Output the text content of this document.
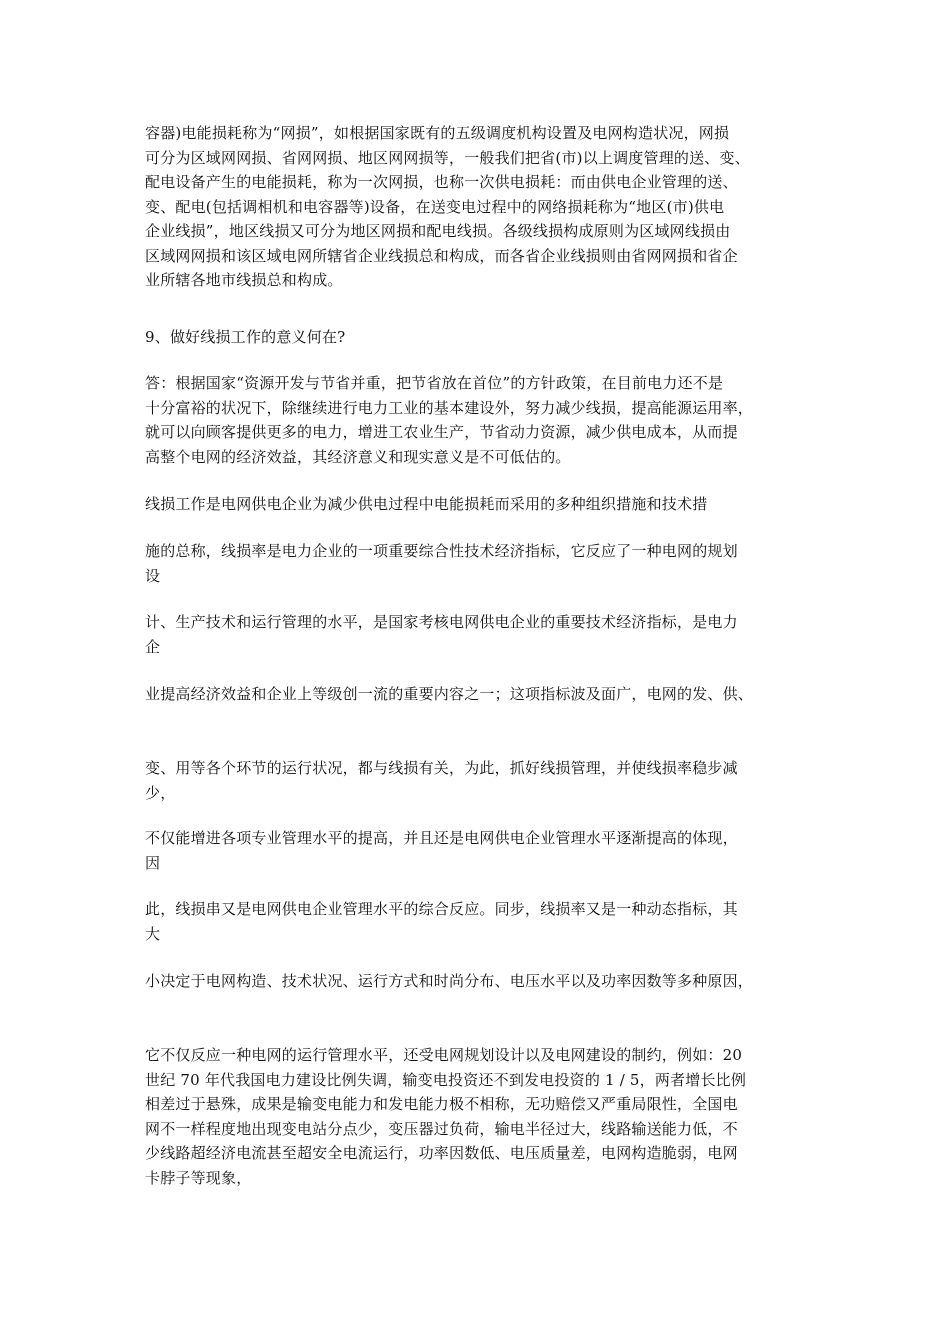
容器)电能损耗称为“网损”，如根据国家既有的五级调度机构设置及电网构造状况，网损
可分为区域网网损、省网网损、地区网网损等，一般我们把省(市)以上调度管理的送、变、
配电设备产生的电能损耗，称为一次网损，也称一次供电损耗：而由供电企业管理的送、
变、配电(包括调相机和电容器等)设备，在送变电过程中的网络损耗称为“地区(市)供电
企业线损”，地区线损又可分为地区网损和配电线损。各级线损构成原则为区域网线损由
区域网网损和该区域电网所辖省企业线损总和构成，而各省企业线损则由省网网损和省企
业所辖各地市线损总和构成。

9、做好线损工作的意义何在?

答：根据国家“资源开发与节省并重，把节省放在首位”的方针政策，在目前电力还不是
十分富裕的状况下，除继续进行电力工业的基本建设外，努力减少线损，提高能源运用率，
就可以向顾客提供更多的电力，增进工农业生产，节省动力资源，减少供电成本，从而提
高整个电网的经济效益，其经济意义和现实意义是不可低估的。

线损工作是电网供电企业为减少供电过程中电能损耗而采用的多种组织措施和技术措

施的总称，线损率是电力企业的一项重要综合性技术经济指标，它反应了一种电网的规划
设

计、生产技术和运行管理的水平，是国家考核电网供电企业的重要技术经济指标，是电力
企

业提高经济效益和企业上等级创一流的重要内容之一；这项指标波及面广，电网的发、供、

变、用等各个环节的运行状况，都与线损有关，为此，抓好线损管理，并使线损率稳步减
少，

不仅能增进各项专业管理水平的提高，并且还是电网供电企业管理水平逐渐提高的体现，
因

此，线损串又是电网供电企业管理水平的综合反应。同步，线损率又是一种动态指标，其
大

小决定于电网构造、技术状况、运行方式和时尚分布、电压水平以及功率因数等多种原因，

它不仅反应一种电网的运行管理水平，还受电网规划设计以及电网建设的制约，例如：20
世纪 70 年代我国电力建设比例失调，输变电投资还不到发电投资的 1 / 5，两者增长比例
相差过于悬殊，成果是输变电能力和发电能力极不相称，无功赔偿又严重局限性，全国电
网不一样程度地出现变电站分点少，变压器过负荷，输电半径过大，线路输送能力低，不
少线路超经济电流甚至超安全电流运行，功率因数低、电压质量差，电网构造脆弱，电网
卡脖子等现象，
